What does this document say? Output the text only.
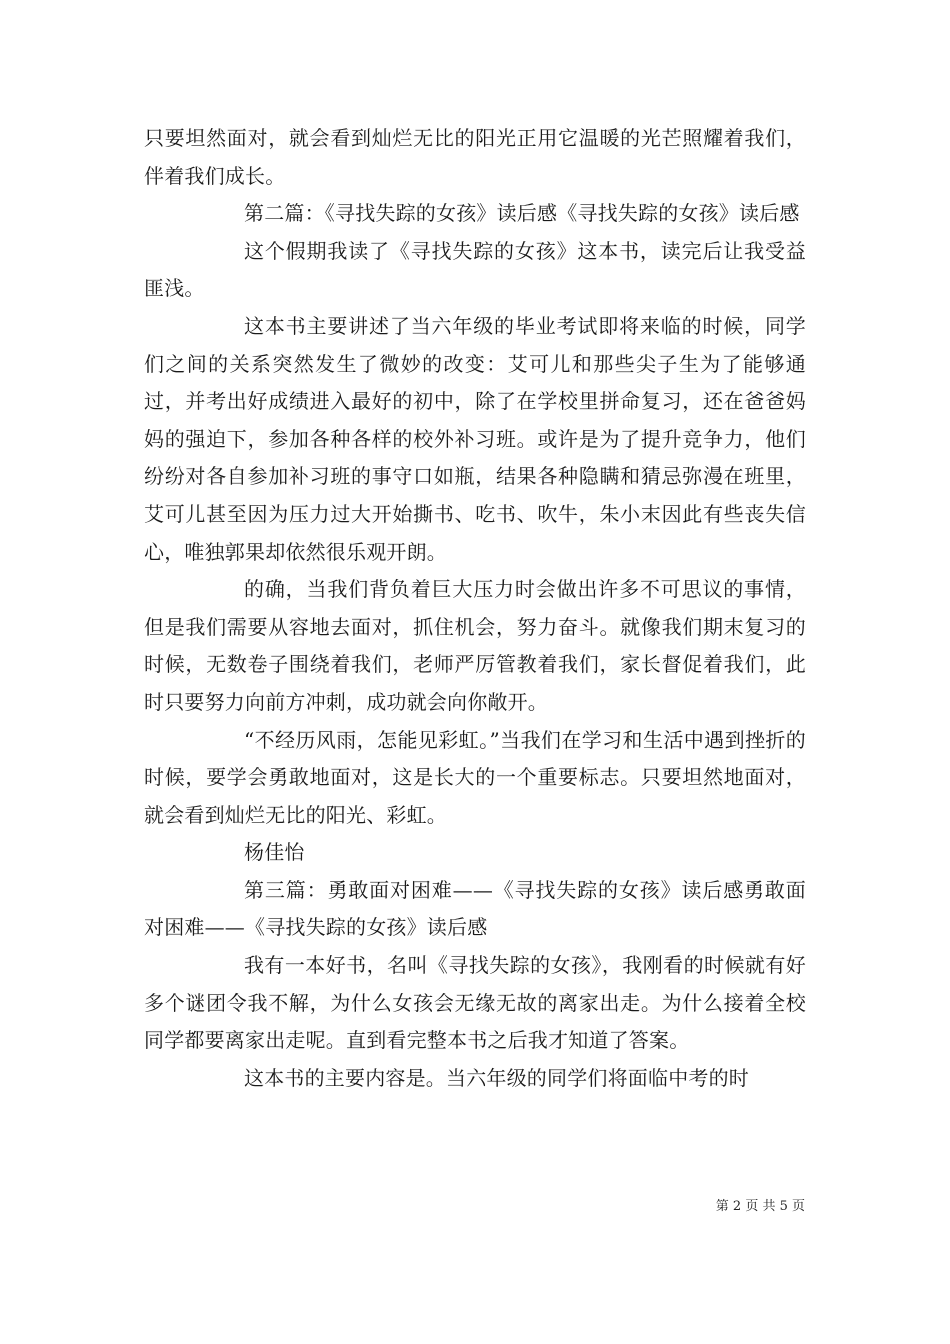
只要坦然面对，就会看到灿烂无比的阳光正用它温暖的光芒照耀着我们，伴着我们成长。

第二篇：《寻找失踪的女孩》读后感《寻找失踪的女孩》读后感

这个假期我读了《寻找失踪的女孩》这本书，读完后让我受益匪浅。

这本书主要讲述了当六年级的毕业考试即将来临的时候，同学们之间的关系突然发生了微妙的改变：艾可儿和那些尖子生为了能够通过，并考出好成绩进入最好的初中，除了在学校里拼命复习，还在爸爸妈妈的强迫下，参加各种各样的校外补习班。或许是为了提升竞争力，他们纷纷对各自参加补习班的事守口如瓶，结果各种隐瞒和猜忌弥漫在班里，艾可儿甚至因为压力过大开始撕书、吃书、吹牛，朱小末因此有些丧失信心，唯独郭果却依然很乐观开朗。

的确，当我们背负着巨大压力时会做出许多不可思议的事情，但是我们需要从容地去面对，抓住机会，努力奋斗。就像我们期末复习的时候，无数卷子围绕着我们，老师严厉管教着我们，家长督促着我们，此时只要努力向前方冲刺，成功就会向你敞开。

“不经历风雨，怎能见彩虹。”当我们在学习和生活中遇到挫折的时候，要学会勇敢地面对，这是长大的一个重要标志。只要坦然地面对，就会看到灿烂无比的阳光、彩虹。

杨佳怡

第三篇：勇敢面对困难——《寻找失踪的女孩》读后感勇敢面对困难——《寻找失踪的女孩》读后感

我有一本好书，名叫《寻找失踪的女孩》，我刚看的时候就有好多个谜团令我不解，为什么女孩会无缘无故的离家出走。为什么接着全校同学都要离家出走呢。直到看完整本书之后我才知道了答案。

这本书的主要内容是。当六年级的同学们将面临中考的时

第 2 页 共 5 页
